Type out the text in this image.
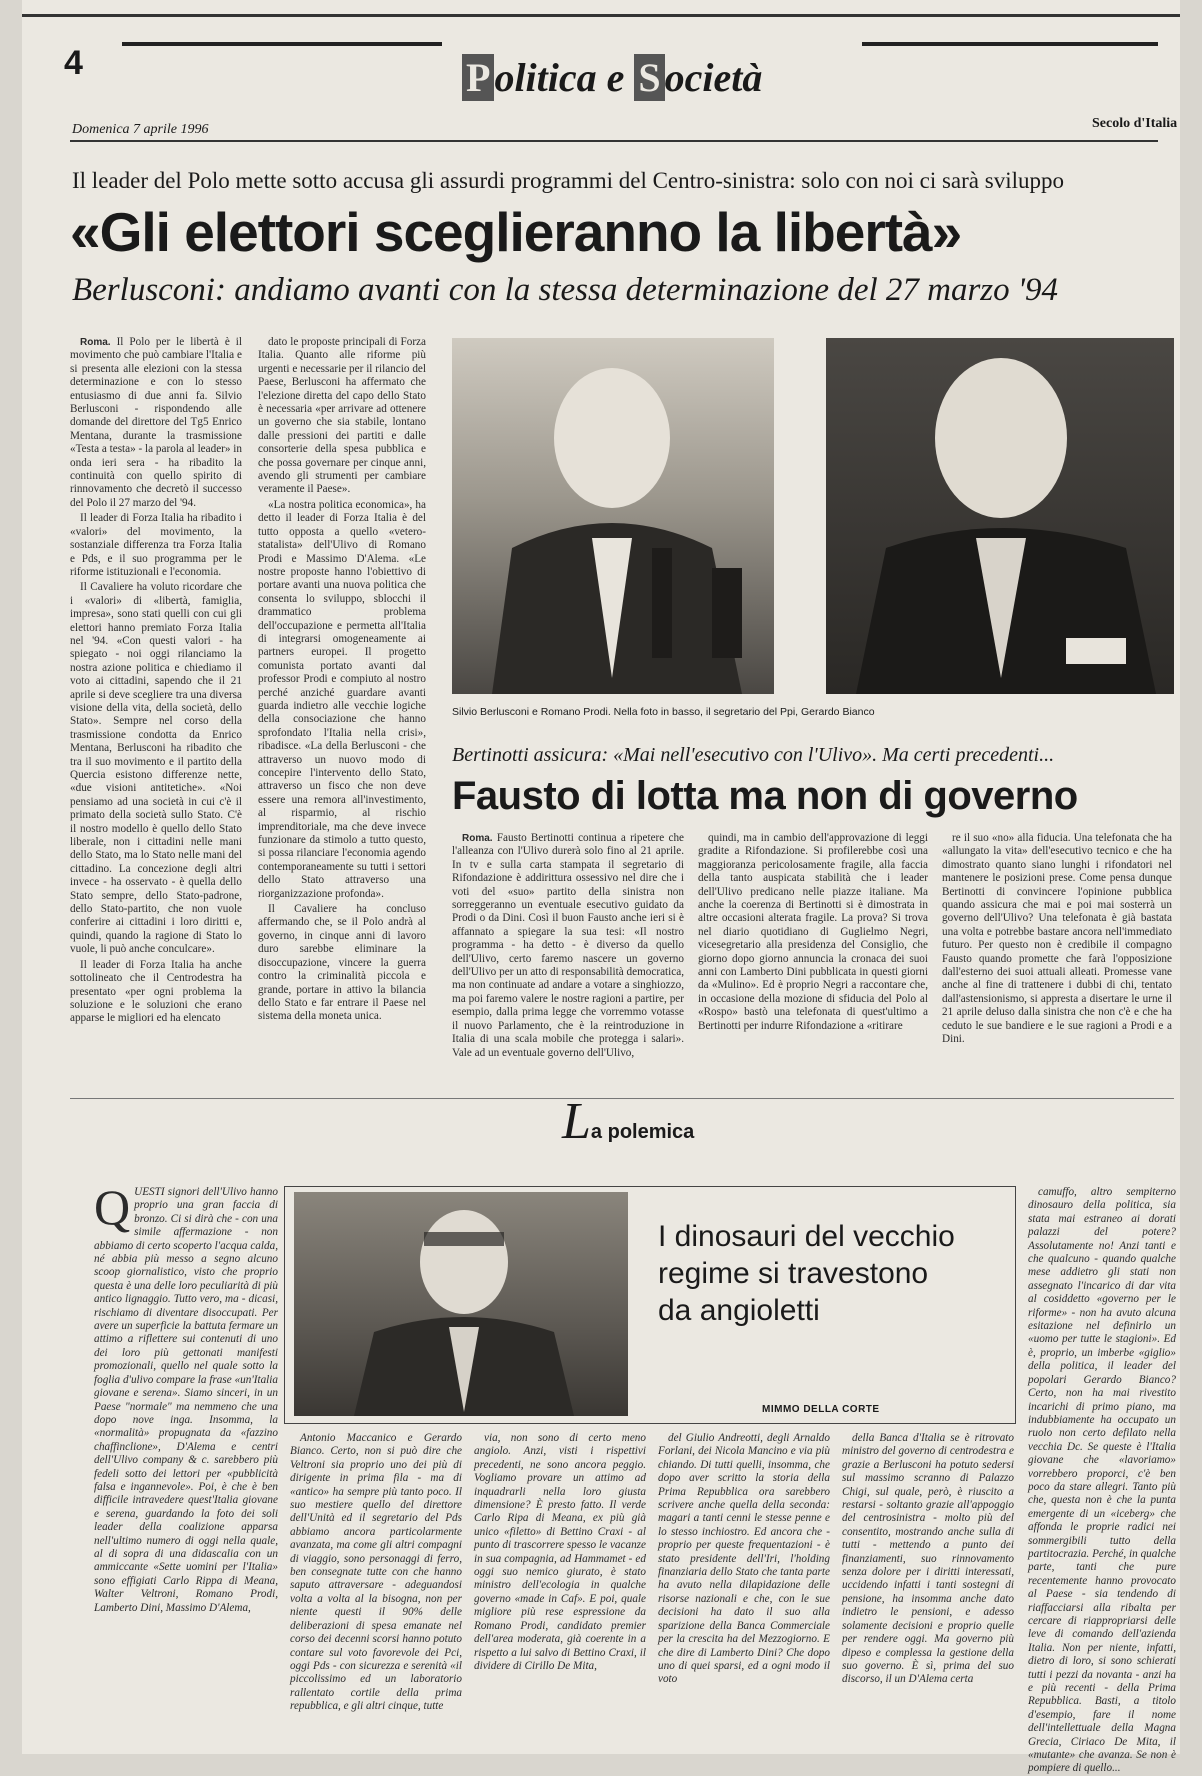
4	P olitica e S ocietà
Domenica 7 aprile 1996	Secolo d'Italia
Il leader del Polo mette sotto accusa gli assurdi programmi del Centro-sinistra: solo con noi ci sarà sviluppo
«Gli elettori sceglieranno la libertà»
Berlusconi: andiamo avanti con la stessa determinazione del 27 marzo '94

Roma. Il Polo per le libertà è il movimento che può cambiare l'Italia e si presenta alle elezioni con la stessa determinazione e con lo stesso entusiasmo di due anni fa. Silvio Berlusconi - rispondendo alle domande del direttore del Tg5 Enrico Mentana, durante la trasmissione «Testa a testa» - la parola al leader» in onda ieri sera - ha ribadito la continuità con quello spirito di rinnovamento che decretò il successo del Polo il 27 marzo del '94.

Il leader di Forza Italia ha ribadito i «valori» del movimento, la sostanziale differenza tra Forza Italia e Pds, e il suo programma per le riforme istituzionali e l'economia.

Il Cavaliere ha voluto ricordare che i «valori» di «libertà, famiglia, impresa», sono stati quelli con cui gli elettori hanno premiato Forza Italia nel '94. «Con questi valori - ha spiegato - noi oggi rilanciamo la nostra azione politica e chiediamo il voto ai cittadini, sapendo che il 21 aprile si deve scegliere tra una diversa visione della vita, della società, dello Stato». Sempre nel corso della trasmissione condotta da Enrico Mentana, Berlusconi ha ribadito che tra il suo movimento e il partito della Quercia esistono differenze nette, «due visioni antitetiche». «Noi pensiamo ad una società in cui c'è il primato della società sullo Stato. C'è il nostro modello è quello dello Stato liberale, non i cittadini nelle mani dello Stato, ma lo Stato nelle mani del cittadino. La concezione degli altri invece - ha osservato - è quella dello Stato sempre, dello Stato-padrone, dello Stato-partito, che non vuole conferire ai cittadini i loro diritti e, quindi, quando la ragione di Stato lo vuole, li può anche conculcare».

Il leader di Forza Italia ha anche sottolineato che il Centrodestra ha presentato «per ogni problema la soluzione e le soluzioni che erano apparse le migliori ed ha elencato

dato le proposte principali di Forza Italia. Quanto alle riforme più urgenti e necessarie per il rilancio del Paese, Berlusconi ha affermato che l'elezione diretta del capo dello Stato è necessaria «per arrivare ad ottenere un governo che sia stabile, lontano dalle pressioni dei partiti e dalle consorterie della spesa pubblica e che possa governare per cinque anni, avendo gli strumenti per cambiare veramente il Paese».

«La nostra politica economica», ha detto il leader di Forza Italia è del tutto opposta a quello «vetero-statalista» dell'Ulivo di Romano Prodi e Massimo D'Alema. «Le nostre proposte hanno l'obiettivo di portare avanti una nuova politica che consenta lo sviluppo, sblocchi il drammatico problema dell'occupazione e permetta all'Italia di integrarsi omogeneamente ai partners europei. Il progetto comunista portato avanti dal professor Prodi e compiuto al nostro perché anziché guardare avanti guarda indietro alle vecchie logiche della consociazione che hanno sprofondato l'Italia nella crisi», ribadisce. «La della Berlusconi - che attraverso un nuovo modo di concepire l'intervento dello Stato, attraverso un fisco che non deve essere una remora all'investimento, al risparmio, al rischio imprenditoriale, ma che deve invece funzionare da stimolo a tutto questo, si possa rilanciare l'economia agendo contemporaneamente su tutti i settori dello Stato attraverso una riorganizzazione profonda».

Il Cavaliere ha concluso affermando che, se il Polo andrà al governo, in cinque anni di lavoro duro sarebbe eliminare la disoccupazione, vincere la guerra contro la criminalità piccola e grande, portare in attivo la bilancia dello Stato e far entrare il Paese nel sistema della moneta unica.

Silvio Berlusconi e Romano Prodi. Nella foto in basso, il segretario del Ppi, Gerardo Bianco
Bertinotti assicura: «Mai nell'esecutivo con l'Ulivo». Ma certi precedenti...
Fausto di lotta ma non di governo

Roma. Fausto Bertinotti continua a ripetere che l'alleanza con l'Ulivo durerà solo fino al 21 aprile. In tv e sulla carta stampata il segretario di Rifondazione è addirittura ossessivo nel dire che i voti del «suo» partito della sinistra non sorreggeranno un eventuale esecutivo guidato da Prodi o da Dini. Così il buon Fausto anche ieri si è affannato a spiegare la sua tesi: «Il nostro programma - ha detto - è diverso da quello dell'Ulivo, certo faremo nascere un governo dell'Ulivo per un atto di responsabilità democratica, ma non continuate ad andare a votare a singhiozzo, ma poi faremo valere le nostre ragioni a partire, per esempio, dalla prima legge che vorremmo votasse il nuovo Parlamento, che è la reintroduzione in Italia di una scala mobile che protegga i salari». Vale ad un eventuale governo dell'Ulivo,

quindi, ma in cambio dell'approvazione di leggi gradite a Rifondazione. Si profilerebbe così una maggioranza pericolosamente fragile, alla faccia della tanto auspicata stabilità che i leader dell'Ulivo predicano nelle piazze italiane. Ma anche la coerenza di Bertinotti si è dimostrata in altre occasioni alterata fragile. La prova? Si trova nel diario quotidiano di Guglielmo Negri, vicesegretario alla presidenza del Consiglio, che giorno dopo giorno annuncia la cronaca dei suoi anni con Lamberto Dini pubblicata in questi giorni da «Mulino». Ed è proprio Negri a raccontare che, in occasione della mozione di sfiducia del Polo al «Rospo» bastò una telefonata di quest'ultimo a Bertinotti per indurre Rifondazione a «ritirare

re il suo «no» alla fiducia. Una telefonata che ha «allungato la vita» dell'esecutivo tecnico e che ha dimostrato quanto siano lunghi i rifondatori nel mantenere le posizioni prese. Come pensa dunque Bertinotti di convincere l'opinione pubblica quando assicura che mai e poi mai sosterrà un governo dell'Ulivo? Una telefonata è già bastata una volta e potrebbe bastare ancora nell'immediato futuro. Per questo non è credibile il compagno Fausto quando promette che farà l'opposizione dall'esterno dei suoi attuali alleati. Promesse vane anche al fine di trattenere i dubbi di chi, tentato dall'astensionismo, si appresta a disertare le urne il 21 aprile deluso dalla sinistra che non c'è e che ha ceduto le sue bandiere e le sue ragioni a Prodi e a Dini.

La polemica
Q UESTI signori dell'Ulivo hanno proprio una gran faccia di bronzo. Ci si dirà che - con una simile affermazione - non abbiamo di certo scoperto l'acqua calda, né abbia più messo a segno alcuno scoop giornalistico, visto che proprio questa è una delle loro peculiarità di più antico lignaggio. Tutto vero, ma - dicasi, rischiamo di diventare disoccupati. Per avere un superficie la battuta fermare un attimo a riflettere sui contenuti di uno dei loro più gettonati manifesti promozionali, quello nel quale sotto la foglia d'ulivo compare la frase «un'Italia giovane e serena». Siamo sinceri, in un Paese "normale" ma nemmeno che una dopo nove inga. Insomma, la «normalità» propugnata da «fazzino chaffinclione», D'Alema e centri dell'Ulivo company & c. sarebbero più fedeli sotto dei lettori per «pubblicità falsa e ingannevole». Poi, è che è ben difficile intravedere quest'Italia giovane e serena, guardando la foto dei soli leader della coalizione apparsa nell'ultimo numero di oggi nella quale, al di sopra di una didascalia con un ammiccante «Sette uomini per l'Italia» sono effigiati Carlo Rippa di Meana, Walter Veltroni, Romano Prodi, Lamberto Dini, Massimo D'Alema,
I dinosauri del vecchio regime si travestono da angioletti
MIMMO DELLA CORTE

Antonio Maccanico e Gerardo Bianco. Certo, non si può dire che Veltroni sia proprio uno dei più di dirigente in prima fila - ma di «antico» ha sempre più tanto poco. Il suo mestiere quello del direttore dell'Unità ed il segretario del Pds abbiamo ancora particolarmente avanzata, ma come gli altri compagni di viaggio, sono personaggi di ferro, ben consegnate tutte con che hanno saputo attraversare - adeguandosi volta a volta al la bisogna, non per niente questi il 90% delle deliberazioni di spesa emanate nel corso dei decenni scorsi hanno potuto contare sul voto favorevole dei Pci, oggi Pds - con sicurezza e serenità «il piccolissimo ed un laboratorio rallentato cortile della prima repubblica, e gli altri cinque, tutte

via, non sono di certo meno angiolo. Anzi, visti i rispettivi precedenti, ne sono ancora peggio. Vogliamo provare un attimo ad inquadrarli nella loro giusta dimensione? È presto fatto. Il verde Carlo Ripa di Meana, ex più già unico «filetto» di Bettino Craxi - al punto di trascorrere spesso le vacanze in sua compagnia, ad Hammamet - ed oggi suo nemico giurato, è stato ministro dell'ecologia in qualche governo «made in Caf». E poi, quale migliore più rese espressione da Romano Prodi, candidato premier dell'area moderata, già coerente in a rispetto a lui salvo di Bettino Craxi, il dividere di Cirillo De Mita,

del Giulio Andreotti, degli Arnaldo Forlani, dei Nicola Mancino e via più chiando. Di tutti quelli, insomma, che dopo aver scritto la storia della Prima Repubblica ora sarebbero scrivere anche quella della seconda: magari a tanti cenni le stesse penne e lo stesso inchiostro. Ed ancora che - proprio per queste frequentazioni - è stato presidente dell'Iri, l'holding finanziaria dello Stato che tanta parte ha avuto nella dilapidazione delle risorse nazionali e che, con le sue decisioni ha dato il suo alla sparizione della Banca Commerciale per la crescita ha del Mezzogiorno. E che dire di Lamberto Dini? Che dopo uno di quei sparsi, ed a ogni modo il voto

della Banca d'Italia se è ritrovato ministro del governo di centrodestra e grazie a Berlusconi ha potuto sedersi sul massimo scranno di Palazzo Chigi, sul quale, però, è riuscito a restarsi - soltanto grazie all'appoggio del centrosinistra - molto più del consentito, mostrando anche sulla di tutti - mettendo a punto dei finanziamenti, suo rinnovamento senza dolore per i diritti interessati, uccidendo infatti i tanti sostegni di pensione, ha insomma anche dato indietro le pensioni, e adesso solamente decisioni e proprio quelle per rendere oggi. Ma governo più dipeso e complessa la gestione della suo governo. È sì, prima del suo discorso, il un D'Alema certa

camuffo, altro sempiterno dinosauro della politica, sia stata mai estraneo ai dorati palazzi del potere? Assolutamente no! Anzi tanti e che qualcuno - quando qualche mese addietro gli stati non assegnato l'incarico di dar vita al cosiddetto «governo per le riforme» - non ha avuto alcuna esitazione nel definirlo un «uomo per tutte le stagioni». Ed è, proprio, un imberbe «giglio» della politica, il leader del popolari Gerardo Bianco? Certo, non ha mai rivestito incarichi di primo piano, ma indubbiamente ha occupato un ruolo non certo defilato nella vecchia Dc. Se queste è l'Italia giovane che «lavoriamo» vorrebbero proporci, c'è ben poco da stare allegri. Tanto più che, questa non è che la punta emergente di un «iceberg» che affonda le proprie radici nei sommergibili tutto della partitocrazia. Perché, in qualche parte, tanti che pure recentemente hanno provocato al Paese - sia tendendo di riaffacciarsi alla ribalta per cercare di riappropriarsi delle leve di comando dell'azienda Italia. Non per niente, infatti, dietro di loro, si sono schierati tutti i pezzi da novanta - anzi ha e più recenti - della Prima Repubblica. Basti, a titolo d'esempio, fare il nome dell'intellettuale della Magna Grecia, Ciriaco De Mita, il «mutante» che avanza. Se non è pompiere di quello...
